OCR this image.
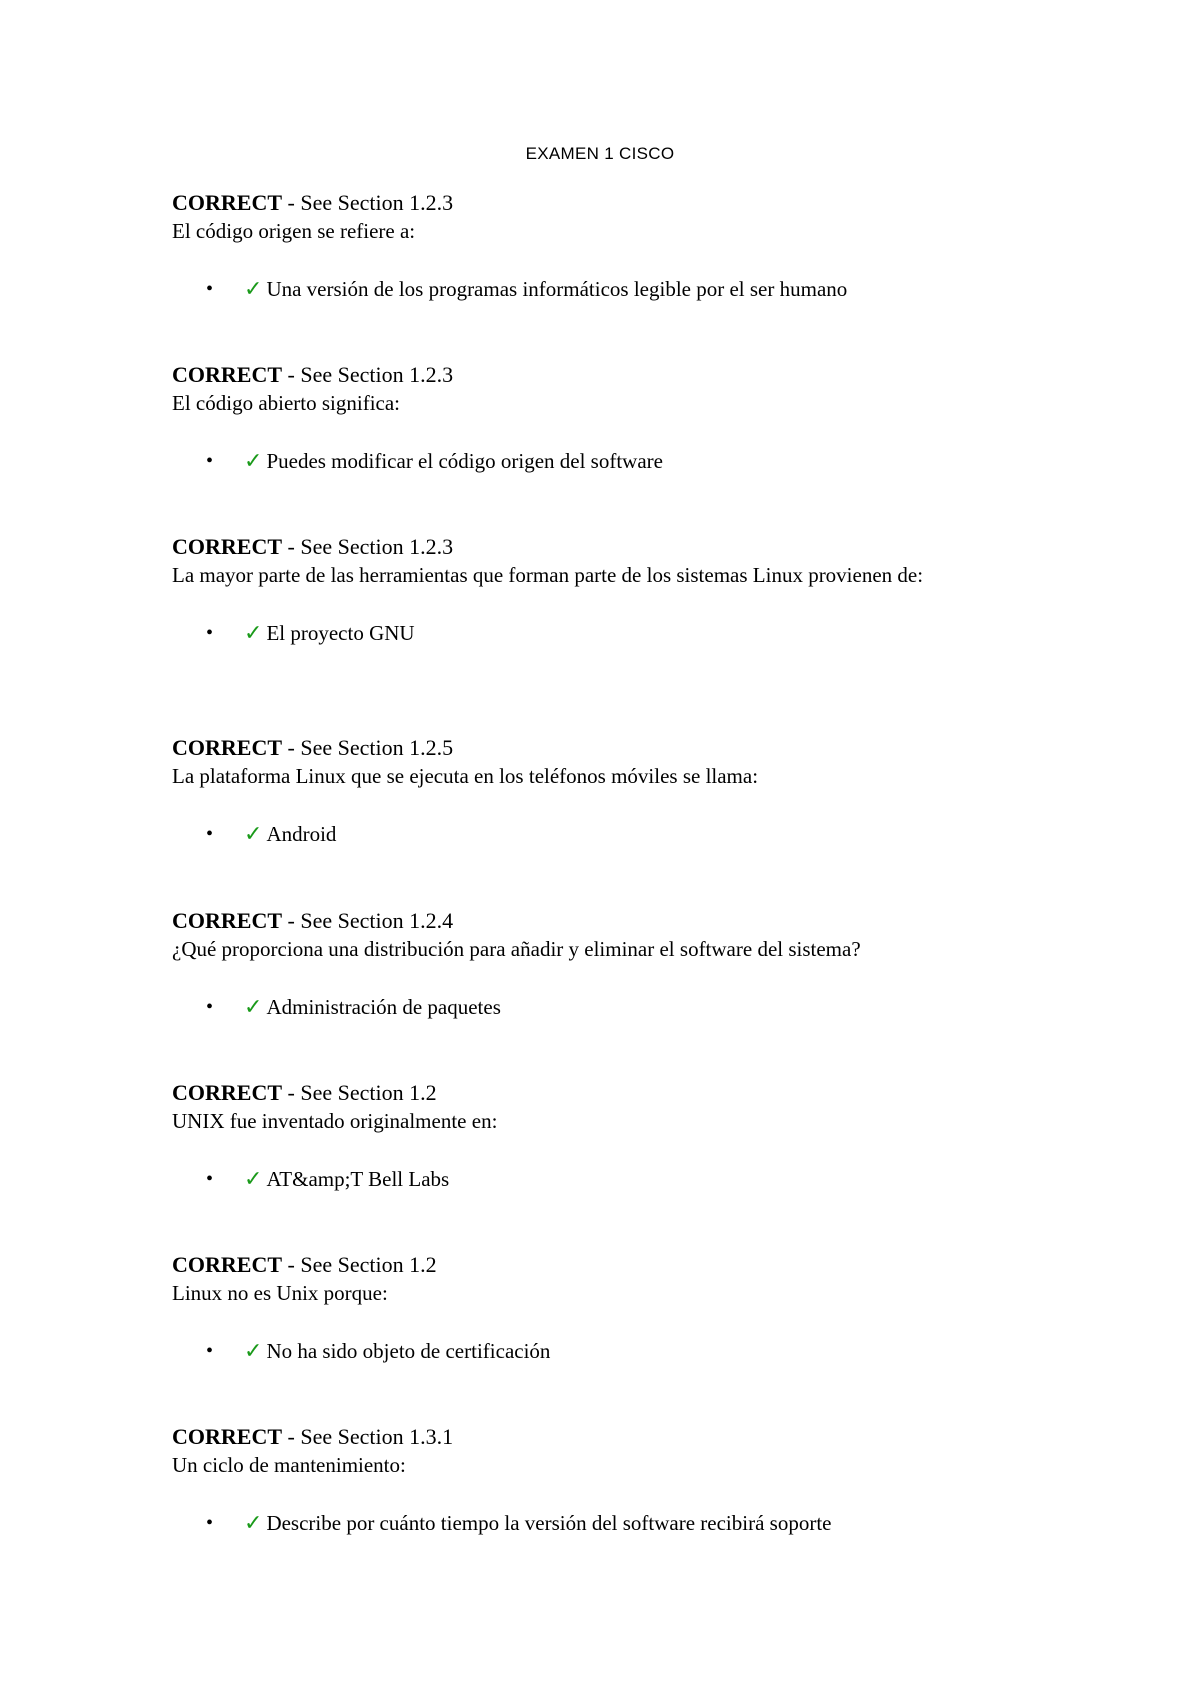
EXAMEN 1 CISCO
CORRECT - See Section 1.2.3
El código origen se refiere a:
• ✓ Una versión de los programas informáticos legible por el ser humano
CORRECT - See Section 1.2.3
El código abierto significa:
• ✓ Puedes modificar el código origen del software
CORRECT - See Section 1.2.3
La mayor parte de las herramientas que forman parte de los sistemas Linux provienen de:
• ✓ El proyecto GNU
CORRECT - See Section 1.2.5
La plataforma Linux que se ejecuta en los teléfonos móviles se llama:
• ✓ Android
CORRECT - See Section 1.2.4
¿Qué proporciona una distribución para añadir y eliminar el software del sistema?
• ✓ Administración de paquetes
CORRECT - See Section 1.2
UNIX fue inventado originalmente en:
• ✓ AT&amp;T Bell Labs
CORRECT - See Section 1.2
Linux no es Unix porque:
• ✓ No ha sido objeto de certificación
CORRECT - See Section 1.3.1
Un ciclo de mantenimiento:
• ✓ Describe por cuánto tiempo la versión del software recibirá soporte
